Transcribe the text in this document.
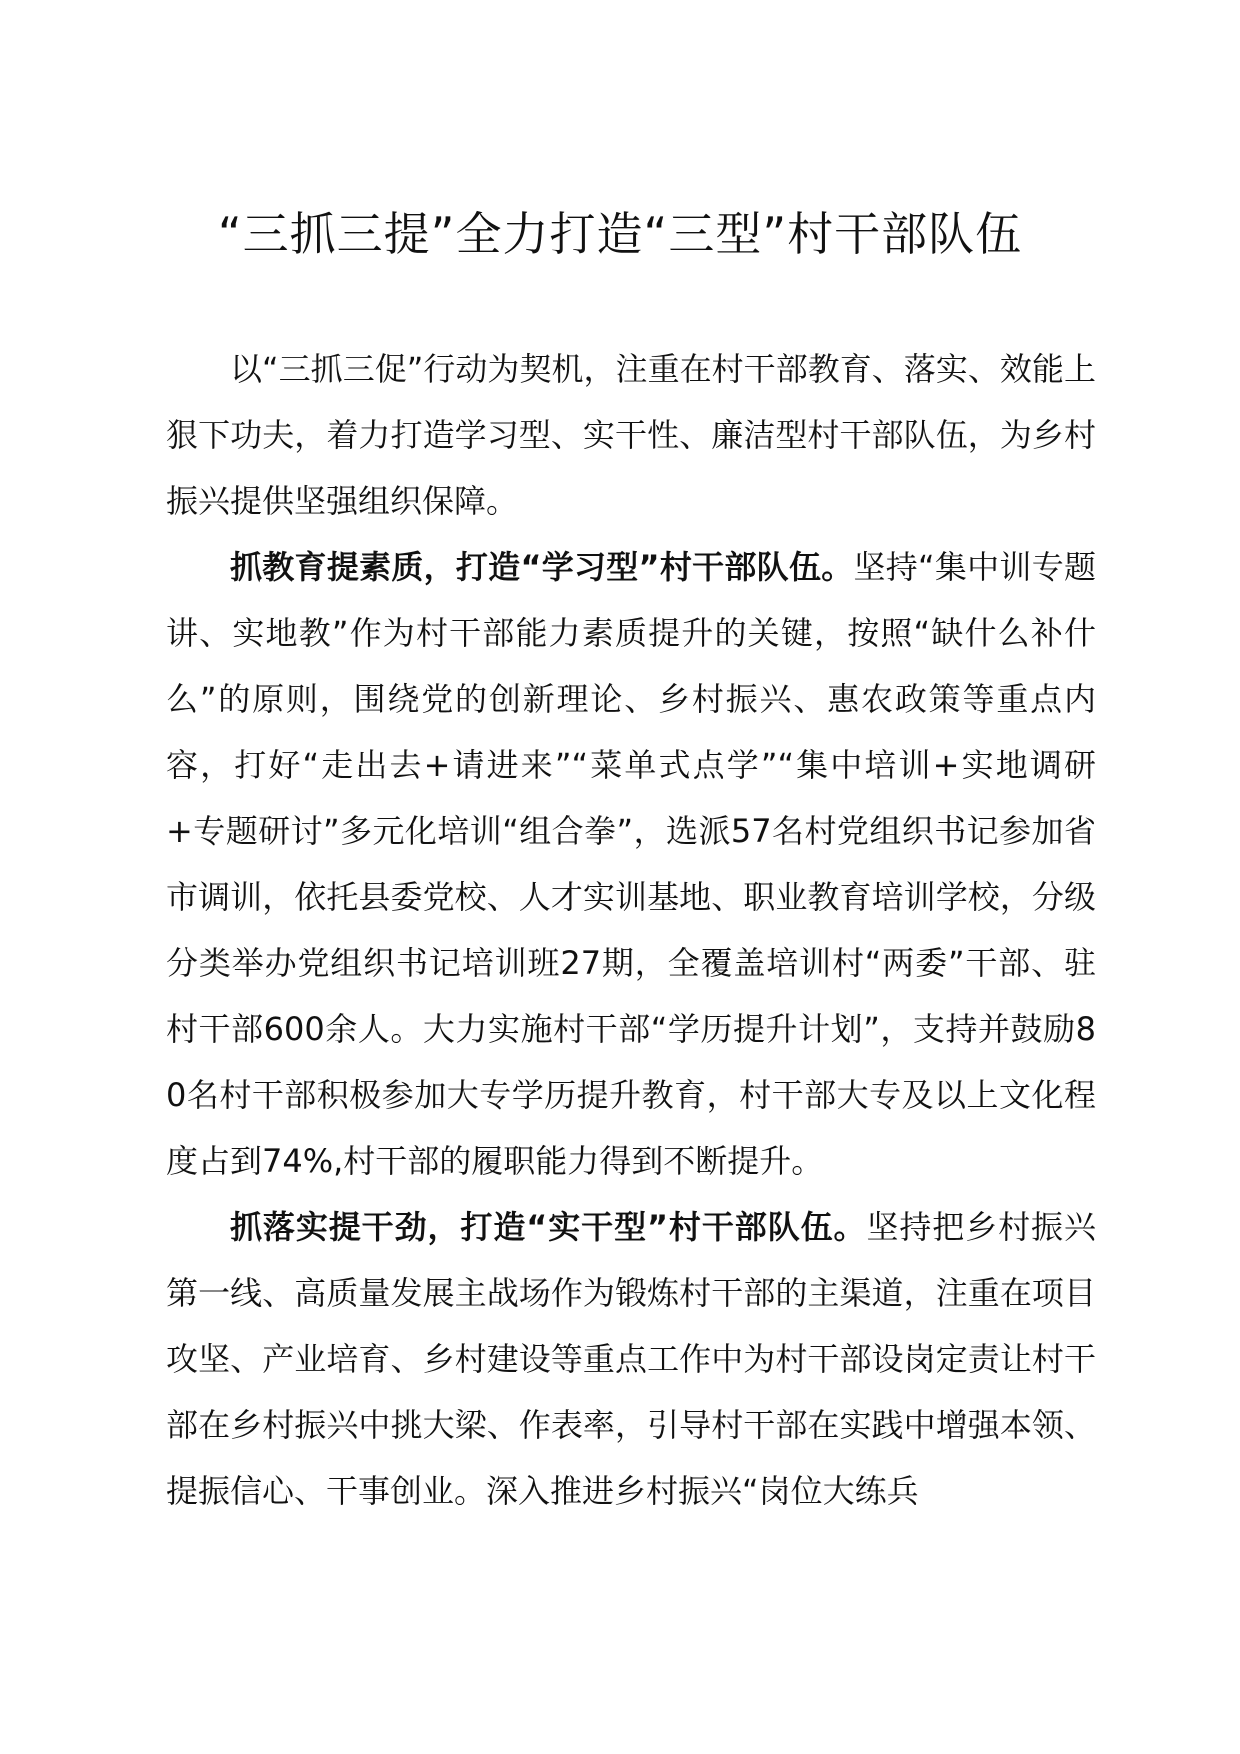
“三抓三提”全力打造“三型”村干部队伍

以“三抓三促”行动为契机，注重在村干部教育、落实、效能上狠下功夫，着力打造学习型、实干性、廉洁型村干部队伍，为乡村振兴提供坚强组织保障。

抓教育提素质，打造“学习型”村干部队伍。坚持“集中训专题讲、实地教”作为村干部能力素质提升的关键，按照“缺什么补什么”的原则，围绕党的创新理论、乡村振兴、惠农政策等重点内容，打好“走出去+请进来”“菜单式点学”“集中培训+实地调研+专题研讨”多元化培训“组合拳”，选派57名村党组织书记参加省市调训，依托县委党校、人才实训基地、职业教育培训学校，分级分类举办党组织书记培训班27期，全覆盖培训村“两委”干部、驻村干部600余人。大力实施村干部“学历提升计划”，支持并鼓励80名村干部积极参加大专学历提升教育，村干部大专及以上文化程度占到74%,村干部的履职能力得到不断提升。

抓落实提干劲，打造“实干型”村干部队伍。坚持把乡村振兴第一线、高质量发展主战场作为锻炼村干部的主渠道，注重在项目攻坚、产业培育、乡村建设等重点工作中为村干部设岗定责让村干部在乡村振兴中挑大梁、作表率，引导村干部在实践中增强本领、提振信心、干事创业。深入推进乡村振兴“岗位大练兵
